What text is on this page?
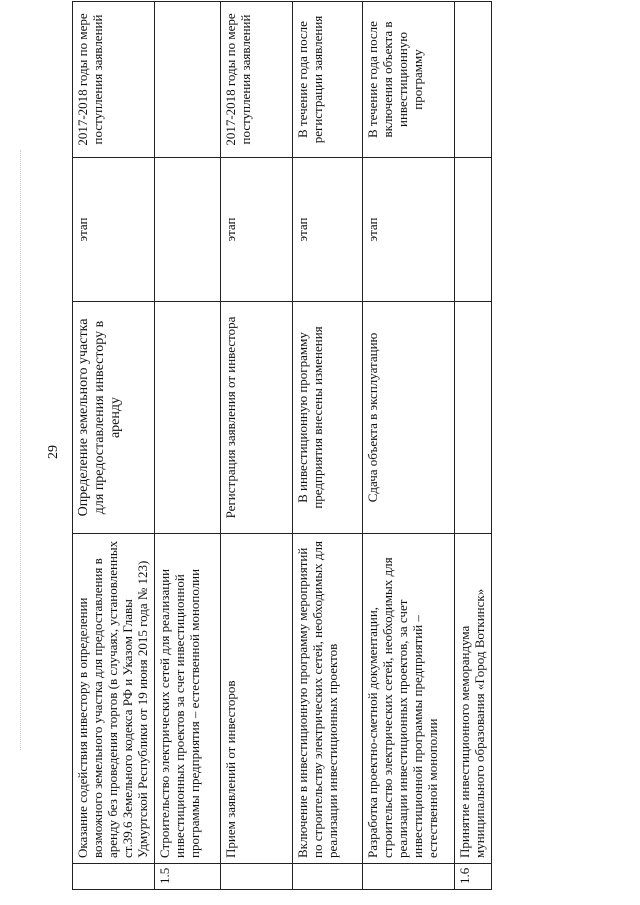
29
	Оказание содействия инвестору в определении возможного земельного участка для предоставления в аренду без проведения торгов (в случаях, установленных ст.39.6 Земельного кодекса РФ и Указом Главы Удмуртской Республики от 19 июня 2015 года № 123)	Определение земельного участка для предоставления инвестору в аренду	этап	2017-2018 годы по мере поступления заявлений
1.5	Строительство электрических сетей для реализации инвестиционных проектов за счет инвестиционной программы предприятия – естественной монополии			
	Прием заявлений от инвесторов	Регистрация заявления от инвестора	этап	2017-2018 годы по мере поступления заявлений
	Включение в инвестиционную программу мероприятий по строительству электрических сетей, необходимых для реализации инвестиционных проектов	В инвестиционную программу предприятия внесены изменения	этап	В течение года после регистрации заявления
	Разработка проектно-сметной документации, строительство электрических сетей, необходимых для реализации инвестиционных проектов, за счет инвестиционной программы предприятий – естественной монополии	Сдача объекта в эксплуатацию	этап	В течение года после включения объекта в инвестиционную программу
1.6	Принятие инвестиционного меморандума муниципального образования «Город Воткинск»			
